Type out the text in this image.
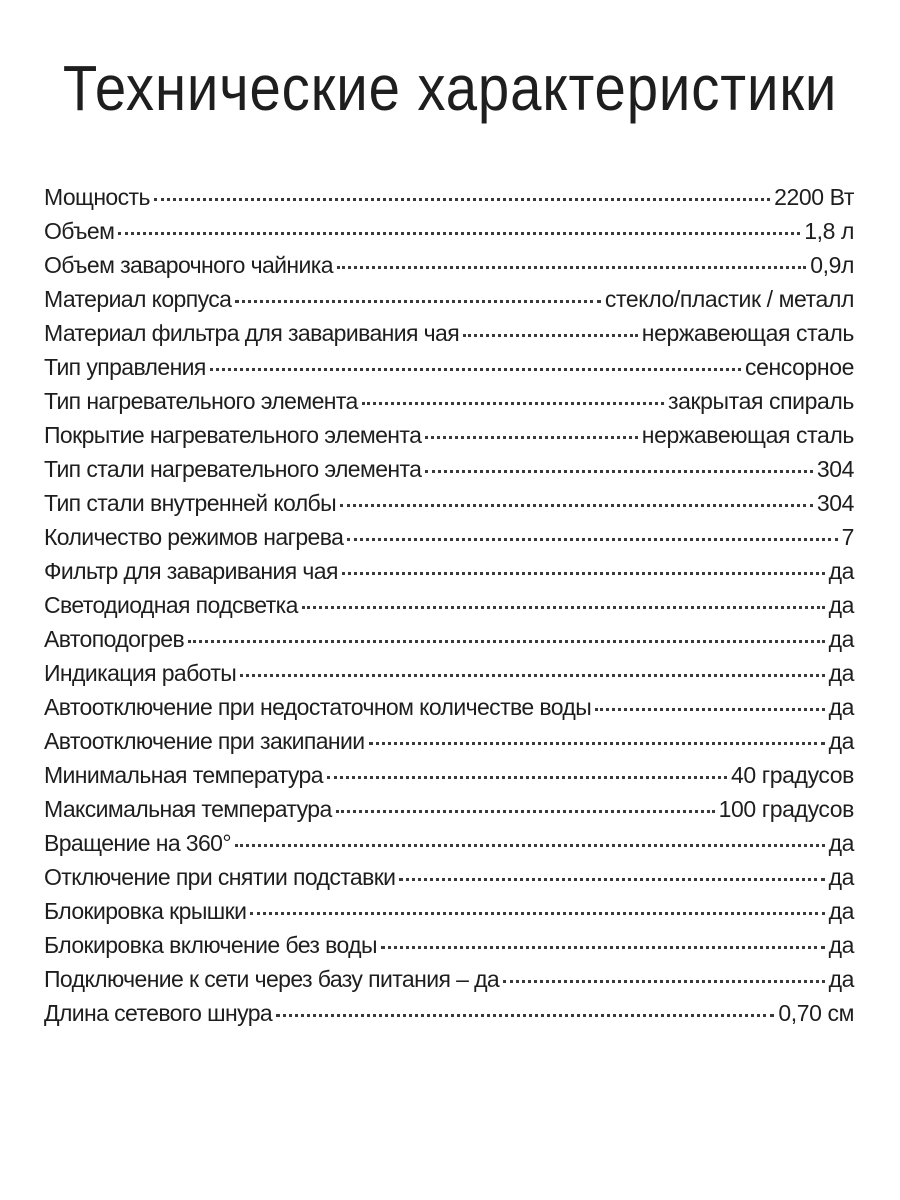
Технические характеристики
Мощность	2200 Вт
Объем	1,8 л
Объем заварочного чайника	0,9л
Материал корпуса	стекло/пластик / металл
Материал фильтра для заваривания чая	нержавеющая сталь
Тип управления	сенсорное
Тип нагревательного элемента	закрытая спираль
Покрытие нагревательного элемента	нержавеющая сталь
Тип стали нагревательного элемента	304
Тип стали внутренней колбы	304
Количество режимов нагрева	7
Фильтр для заваривания чая	да
Светодиодная подсветка	да
Автоподогрев	да
Индикация работы	да
Автоотключение при недостаточном количестве воды	да
Автоотключение при закипании	да
Минимальная температура	40 градусов
Максимальная температура	100 градусов
Вращение на 360°	да
Отключение при снятии подставки	да
Блокировка крышки	да
Блокировка включение без воды	да
Подключение к сети через базу питания – да	да
Длина сетевого шнура	0,70 см
